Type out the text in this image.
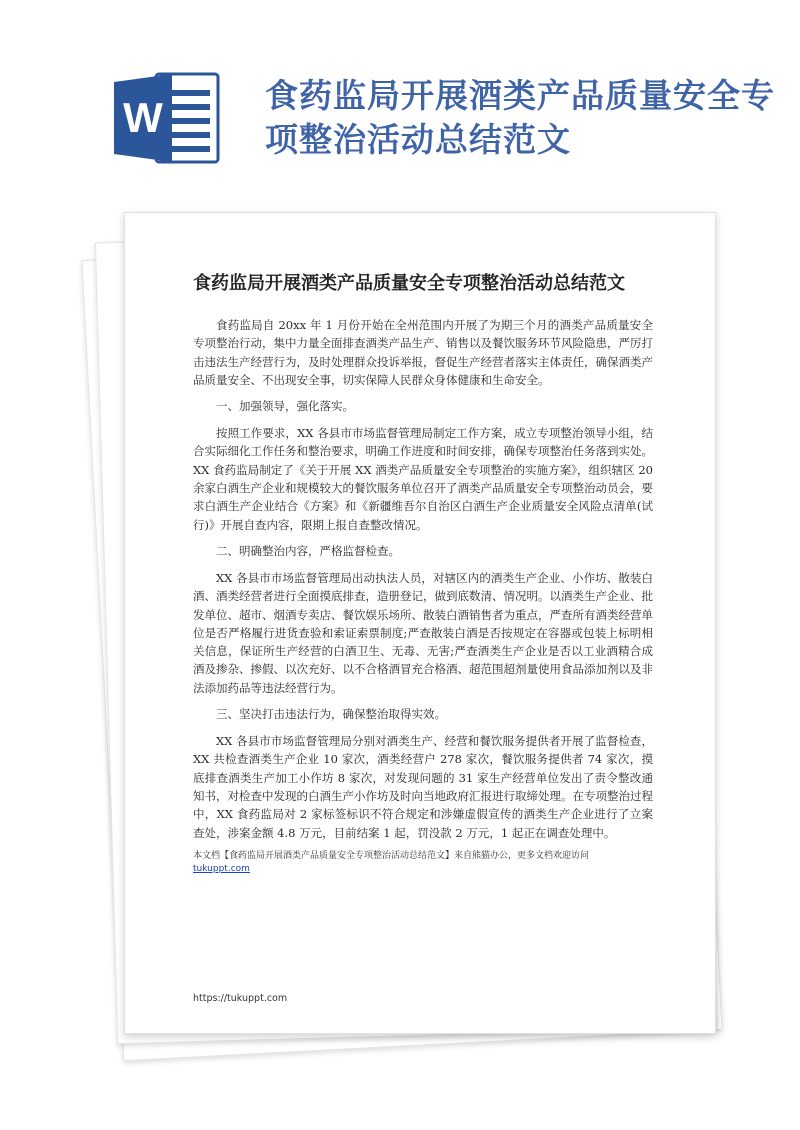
W	食药监局开展酒类产品质量安全专项整治活动总结范文
食药监局开展酒类产品质量安全专项整治活动总结范文

食药监局自 20xx 年 1 月份开始在全州范围内开展了为期三个月的酒类产品质量安全专项整治行动，集中力量全面排查酒类产品生产、销售以及餐饮服务环节风险隐患，严厉打击违法生产经营行为，及时处理群众投诉举报，督促生产经营者落实主体责任，确保酒类产品质量安全、不出现安全事，切实保障人民群众身体健康和生命安全。

一、加强领导，强化落实。

按照工作要求，XX 各县市市场监督管理局制定工作方案，成立专项整治领导小组，结合实际细化工作任务和整治要求，明确工作进度和时间安排，确保专项整治任务落到实处。XX 食药监局制定了《关于开展 XX 酒类产品质量安全专项整治的实施方案》，组织辖区 20 余家白酒生产企业和规模较大的餐饮服务单位召开了酒类产品质量安全专项整治动员会，要求白酒生产企业结合《方案》和《新疆维吾尔自治区白酒生产企业质量安全风险点清单(试行)》开展自查内容，限期上报自查整改情况。

二、明确整治内容，严格监督检查。

XX 各县市市场监督管理局出动执法人员，对辖区内的酒类生产企业、小作坊、散装白酒、酒类经营者进行全面摸底排查，造册登记，做到底数清、情况明。以酒类生产企业、批发单位、超市、烟酒专卖店、餐饮娱乐场所、散装白酒销售者为重点，严查所有酒类经营单位是否严格履行进货查验和索证索票制度;严查散装白酒是否按规定在容器或包装上标明相关信息，保证所生产经营的白酒卫生、无毒、无害;严查酒类生产企业是否以工业酒精合成酒及掺杂、掺假、以次充好、以不合格酒冒充合格酒、超范围超剂量使用食品添加剂以及非法添加药品等违法经营行为。

三、坚决打击违法行为，确保整治取得实效。

XX 各县市市场监督管理局分别对酒类生产、经营和餐饮服务提供者开展了监督检查，XX 共检查酒类生产企业 10 家次，酒类经营户 278 家次，餐饮服务提供者 74 家次，摸底排查酒类生产加工小作坊 8 家次，对发现问题的 31 家生产经营单位发出了责令整改通知书，对检查中发现的白酒生产小作坊及时向当地政府汇报进行取缔处理。在专项整治过程中，XX 食药监局对 2 家标签标识不符合规定和涉嫌虚假宣传的酒类生产企业进行了立案查处，涉案金额 4.8 万元，目前结案 1 起，罚没款 2 万元，1 起正在调查处理中。

本文档【食药监局开展酒类产品质量安全专项整治活动总结范文】来自熊猫办公，更多文档欢迎访问
tukuppt.com
https://tukuppt.com
